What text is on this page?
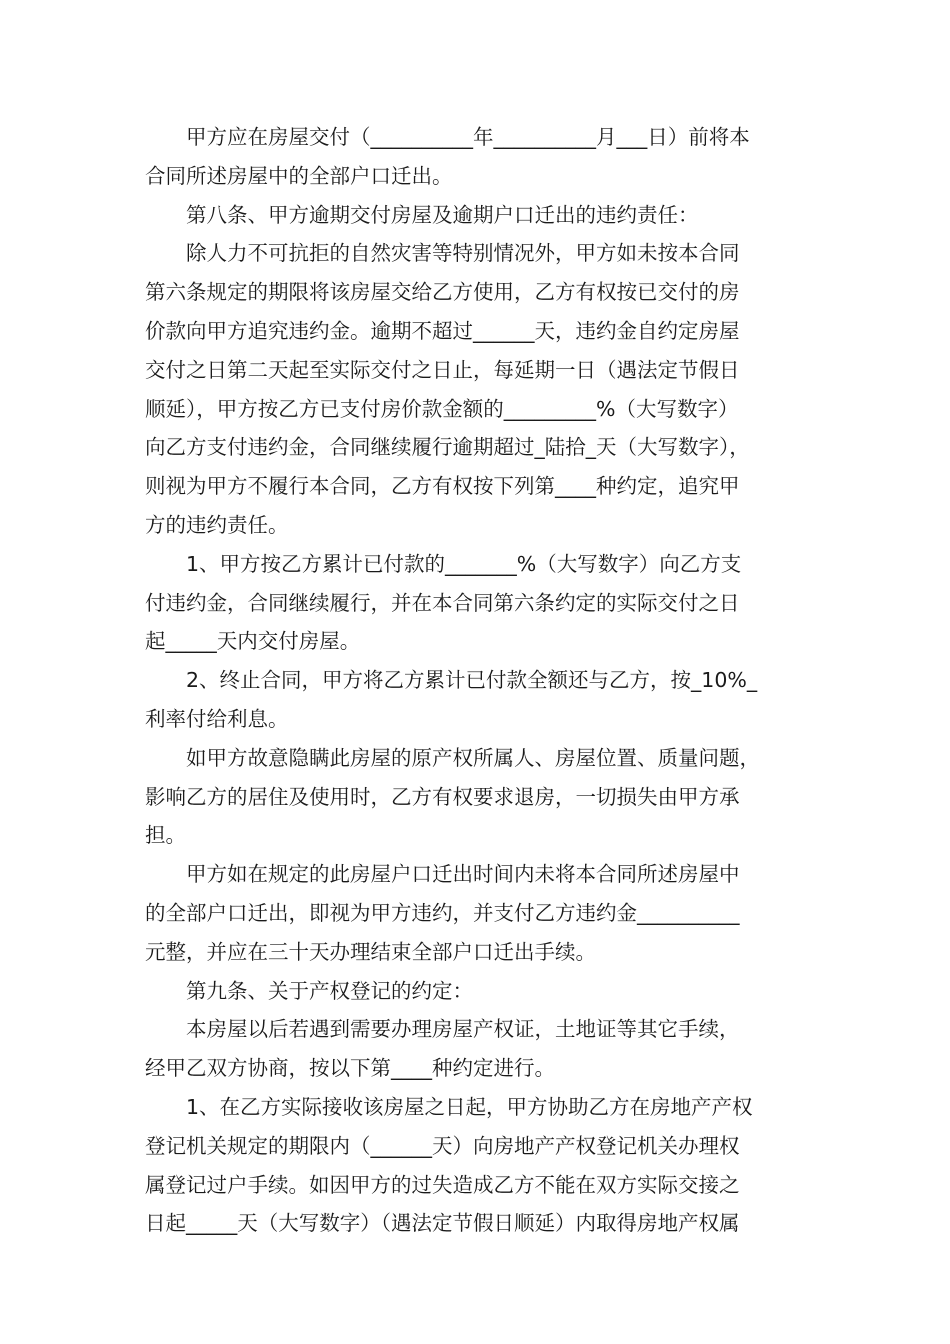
甲方应在房屋交付（__________年__________月___日）前将本
合同所述房屋中的全部户口迁出。
第八条、甲方逾期交付房屋及逾期户口迁出的违约责任：
除人力不可抗拒的自然灾害等特别情况外，甲方如未按本合同
第六条规定的期限将该房屋交给乙方使用，乙方有权按已交付的房
价款向甲方追究违约金。逾期不超过______天，违约金自约定房屋
交付之日第二天起至实际交付之日止，每延期一日（遇法定节假日
顺延），甲方按乙方已支付房价款金额的_________%（大写数字）
向乙方支付违约金，合同继续履行逾期超过_陆拾_天（大写数字），
则视为甲方不履行本合同，乙方有权按下列第____种约定，追究甲
方的违约责任。
1、甲方按乙方累计已付款的_______%（大写数字）向乙方支
付违约金，合同继续履行，并在本合同第六条约定的实际交付之日
起_____天内交付房屋。
2、终止合同，甲方将乙方累计已付款全额还与乙方，按_10%_
利率付给利息。
如甲方故意隐瞒此房屋的原产权所属人、房屋位置、质量问题，
影响乙方的居住及使用时，乙方有权要求退房，一切损失由甲方承
担。
甲方如在规定的此房屋户口迁出时间内未将本合同所述房屋中
的全部户口迁出，即视为甲方违约，并支付乙方违约金__________
元整，并应在三十天办理结束全部户口迁出手续。
第九条、关于产权登记的约定：
本房屋以后若遇到需要办理房屋产权证，土地证等其它手续，
经甲乙双方协商，按以下第____种约定进行。
1、在乙方实际接收该房屋之日起，甲方协助乙方在房地产产权
登记机关规定的期限内（______天）向房地产产权登记机关办理权
属登记过户手续。如因甲方的过失造成乙方不能在双方实际交接之
日起_____天（大写数字）（遇法定节假日顺延）内取得房地产权属
